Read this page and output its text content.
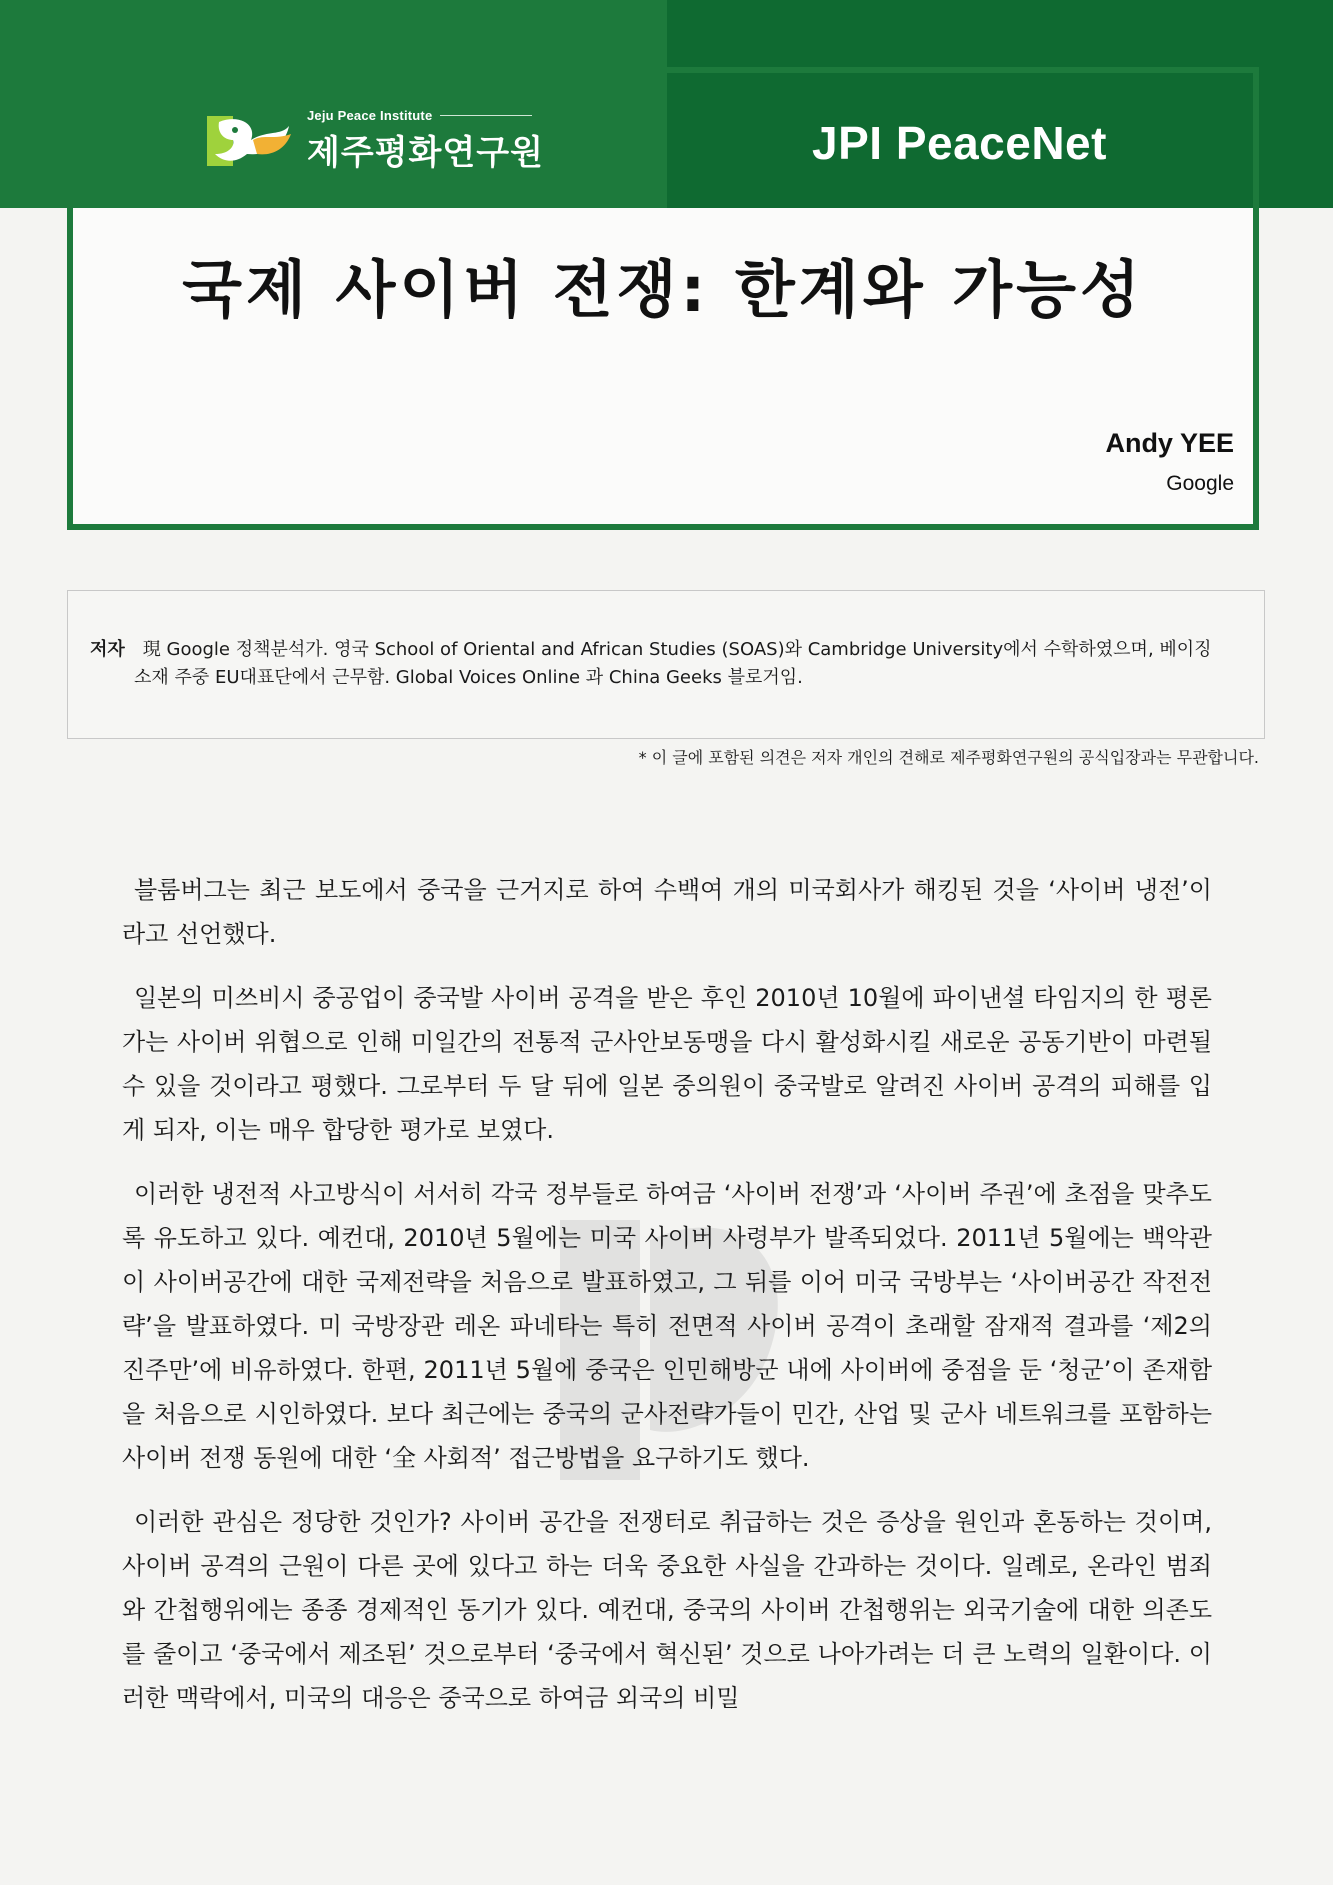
Jeju Peace Institute
제주평화연구원	JPI PeaceNet
국제 사이버 전쟁: 한계와 가능성
Andy YEE
Google
저자 現 Google 정책분석가. 영국 School of Oriental and African Studies (SOAS)와 Cambridge University에서 수학하였으며, 베이징
소재 주중 EU대표단에서 근무함. Global Voices Online 과 China Geeks 블로거임.
* 이 글에 포함된 의견은 저자 개인의 견해로 제주평화연구원의 공식입장과는 무관합니다.

블룸버그는 최근 보도에서 중국을 근거지로 하여 수백여 개의 미국회사가 해킹된 것을 ‘사이버 냉전’이라고 선언했다.

일본의 미쓰비시 중공업이 중국발 사이버 공격을 받은 후인 2010년 10월에 파이낸셜 타임지의 한 평론가는 사이버 위협으로 인해 미일간의 전통적 군사안보동맹을 다시 활성화시킬 새로운 공동기반이 마련될 수 있을 것이라고 평했다. 그로부터 두 달 뒤에 일본 중의원이 중국발로 알려진 사이버 공격의 피해를 입게 되자, 이는 매우 합당한 평가로 보였다.

이러한 냉전적 사고방식이 서서히 각국 정부들로 하여금 ‘사이버 전쟁’과 ‘사이버 주권’에 초점을 맞추도록 유도하고 있다. 예컨대, 2010년 5월에는 미국 사이버 사령부가 발족되었다. 2011년 5월에는 백악관이 사이버공간에 대한 국제전략을 처음으로 발표하였고, 그 뒤를 이어 미국 국방부는 ‘사이버공간 작전전략’을 발표하였다. 미 국방장관 레온 파네타는 특히 전면적 사이버 공격이 초래할 잠재적 결과를 ‘제2의 진주만’에 비유하였다. 한편, 2011년 5월에 중국은 인민해방군 내에 사이버에 중점을 둔 ‘청군’이 존재함을 처음으로 시인하였다. 보다 최근에는 중국의 군사전략가들이 민간, 산업 및 군사 네트워크를 포함하는 사이버 전쟁 동원에 대한 ‘全 사회적’ 접근방법을 요구하기도 했다.

이러한 관심은 정당한 것인가? 사이버 공간을 전쟁터로 취급하는 것은 증상을 원인과 혼동하는 것이며, 사이버 공격의 근원이 다른 곳에 있다고 하는 더욱 중요한 사실을 간과하는 것이다. 일례로, 온라인 범죄와 간첩행위에는 종종 경제적인 동기가 있다. 예컨대, 중국의 사이버 간첩행위는 외국기술에 대한 의존도를 줄이고 ‘중국에서 제조된’ 것으로부터 ‘중국에서 혁신된’ 것으로 나아가려는 더 큰 노력의 일환이다. 이러한 맥락에서, 미국의 대응은 중국으로 하여금 외국의 비밀
